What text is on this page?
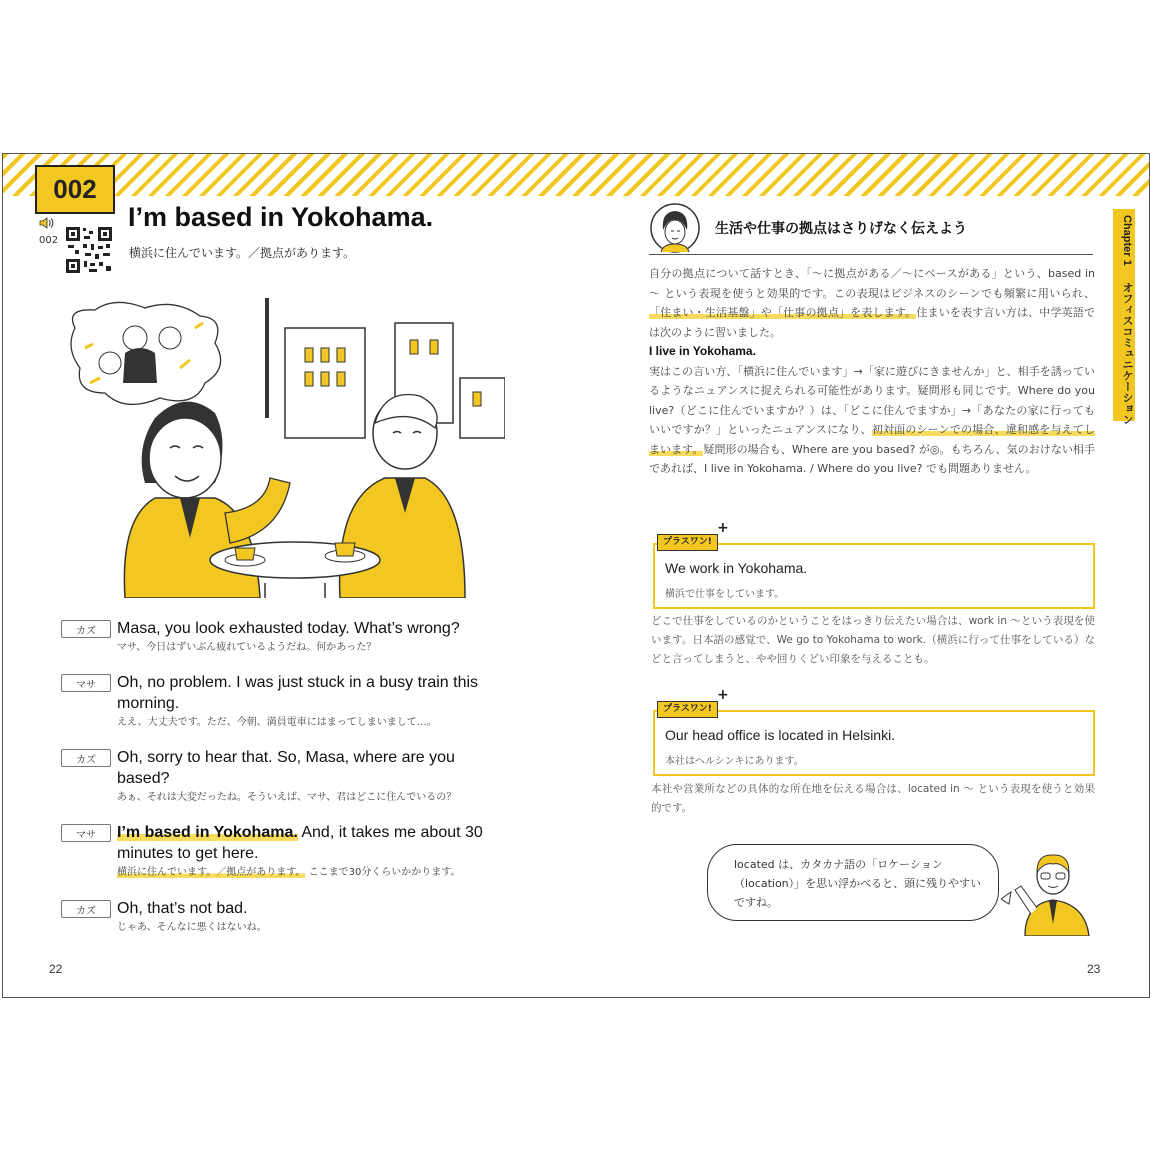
002
002
I’m based in Yokohama.
横浜に住んでいます。／拠点があります。
カズ	Masa, you look exhausted today. What’s wrong?
マサ、今日はずいぶん疲れているようだね。何かあった？
マサ	Oh, no problem. I was just stuck in a busy train this morning.
ええ、大丈夫です。ただ、今朝、満員電車にはまってしまいまして…。
カズ	Oh, sorry to hear that. So, Masa, where are you based?
あぁ、それは大変だったね。そういえば、マサ、君はどこに住んでいるの？
マサ	I’m based in Yokohama. And, it takes me about 30 minutes to get here.
横浜に住んでいます。／拠点があります。 ここまで30分くらいかかります。
カズ	Oh, that’s not bad.
じゃあ、そんなに悪くはないね。
22
生活や仕事の拠点はさりげなく伝えよう
自分の拠点について話すとき、「〜に拠点がある／〜にベースがある」という、based in 〜 という表現を使うと効果的です。この表現はビジネスのシーンでも頻繁に用いられ、「住まい・生活基盤」や「仕事の拠点」を表します。住まいを表す言い方は、中学英語では次のように習いました。
I live in Yokohama.
実はこの言い方、「横浜に住んでいます」→「家に遊びにきませんか」と、相手を誘っているようなニュアンスに捉えられる可能性があります。疑問形も同じです。Where do you live?（どこに住んでいますか？）は、「どこに住んでますか」→「あなたの家に行ってもいいですか？」といったニュアンスになり、初対面のシーンでの場合、違和感を与えてしまいます。疑問形の場合も、Where are you based? が◎。もちろん、気のおけない相手であれば、I live in Yokohama. / Where do you live? でも問題ありません。
Chapter 1
オフィスコミュニケーション
We work in Yokohama.
横浜で仕事をしています。
プラスワン!
+
どこで仕事をしているのかということをはっきり伝えたい場合は、work in 〜という表現を使います。日本語の感覚で、We go to Yokohama to work.（横浜に行って仕事をしている）などと言ってしまうと、やや回りくどい印象を与えることも。
Our head office is located in Helsinki.
本社はヘルシンキにあります。
プラスワン!
+
本社や営業所などの具体的な所在地を伝える場合は、located in 〜 という表現を使うと効果的です。
located は、カタカナ語の「ロケーション（location）」を思い浮かべると、頭に残りやすいですね。
23
